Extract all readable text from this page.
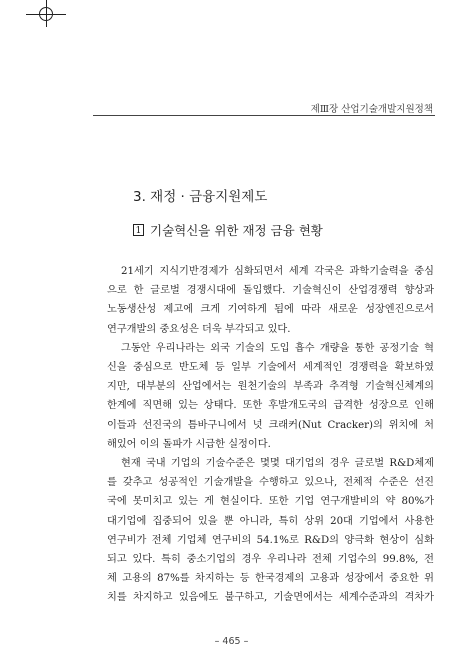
제Ⅲ장 산업기술개발지원정책
3. 재정 · 금융지원제도
1 기술혁신을 위한 재정 금융 현황
21세기 지식기반경제가 심화되면서 세계 각국은 과학기술력을 중심
으로 한 글로벌 경쟁시대에 돌입했다. 기술혁신이 산업경쟁력 향상과
노동생산성 제고에 크게 기여하게 됨에 따라 새로운 성장엔진으로서
연구개발의 중요성은 더욱 부각되고 있다.
그동안 우리나라는 외국 기술의 도입 흡수 개량을 통한 공정기술 혁
신을 중심으로 반도체 등 일부 기술에서 세계적인 경쟁력을 확보하였
지만, 대부분의 산업에서는 원천기술의 부족과 추격형 기술혁신체계의
한계에 직면해 있는 상태다. 또한 후발개도국의 급격한 성장으로 인해
이들과 선진국의 틈바구니에서 넛 크래커(Nut Cracker)의 위치에 처
해있어 이의 돌파가 시급한 실정이다.
현재 국내 기업의 기술수준은 몇몇 대기업의 경우 글로벌 R&D체제
를 갖추고 성공적인 기술개발을 수행하고 있으나, 전체적 수준은 선진
국에 못미치고 있는 게 현실이다. 또한 기업 연구개발비의 약 80%가
대기업에 집중되어 있을 뿐 아니라, 특히 상위 20대 기업에서 사용한
연구비가 전체 기업체 연구비의 54.1%로 R&D의 양극화 현상이 심화
되고 있다. 특히 중소기업의 경우 우리나라 전체 기업수의 99.8%, 전
체 고용의 87%를 차지하는 등 한국경제의 고용과 성장에서 중요한 위
치를 차지하고 있음에도 불구하고, 기술면에서는 세계수준과의 격차가
– 465 –
